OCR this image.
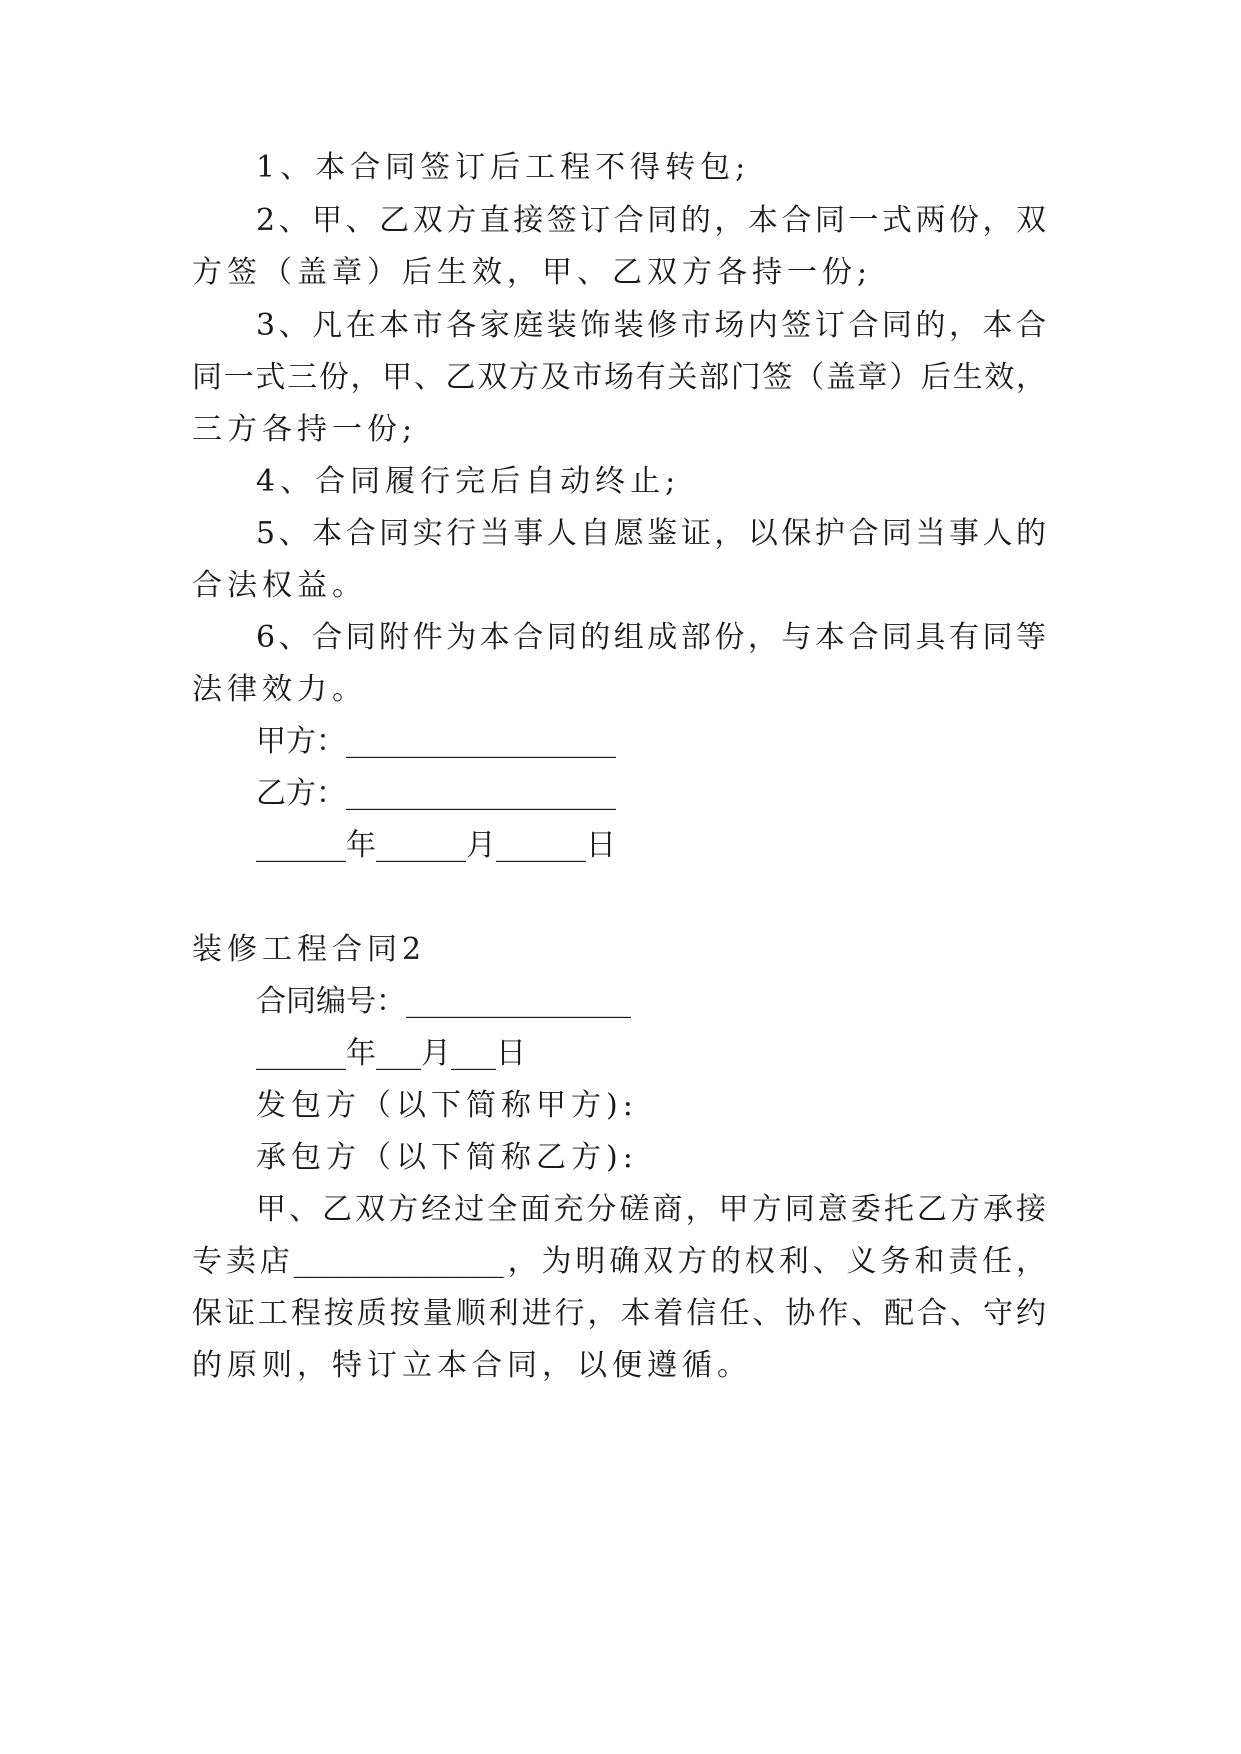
1、本合同签订后工程不得转包;
2、甲、乙双方直接签订合同的，本合同一式两份，双
方签（盖章）后生效，甲、乙双方各持一份;
3、凡在本市各家庭装饰装修市场内签订合同的，本合
同一式三份，甲、乙双方及市场有关部门签（盖章）后生效，
三方各持一份;
4、合同履行完后自动终止;
5、本合同实行当事人自愿鉴证，以保护合同当事人的
合法权益。
6、合同附件为本合同的组成部份，与本合同具有同等
法律效力。
甲方：__________________
乙方：__________________
______年______月______日
装修工程合同2
合同编号：_______________
______年___月___日
发包方（以下简称甲方):
承包方（以下简称乙方):
甲、乙双方经过全面充分磋商，甲方同意委托乙方承接
专卖店______________，为明确双方的权利、义务和责任，
保证工程按质按量顺利进行，本着信任、协作、配合、守约
的原则，特订立本合同，以便遵循。
